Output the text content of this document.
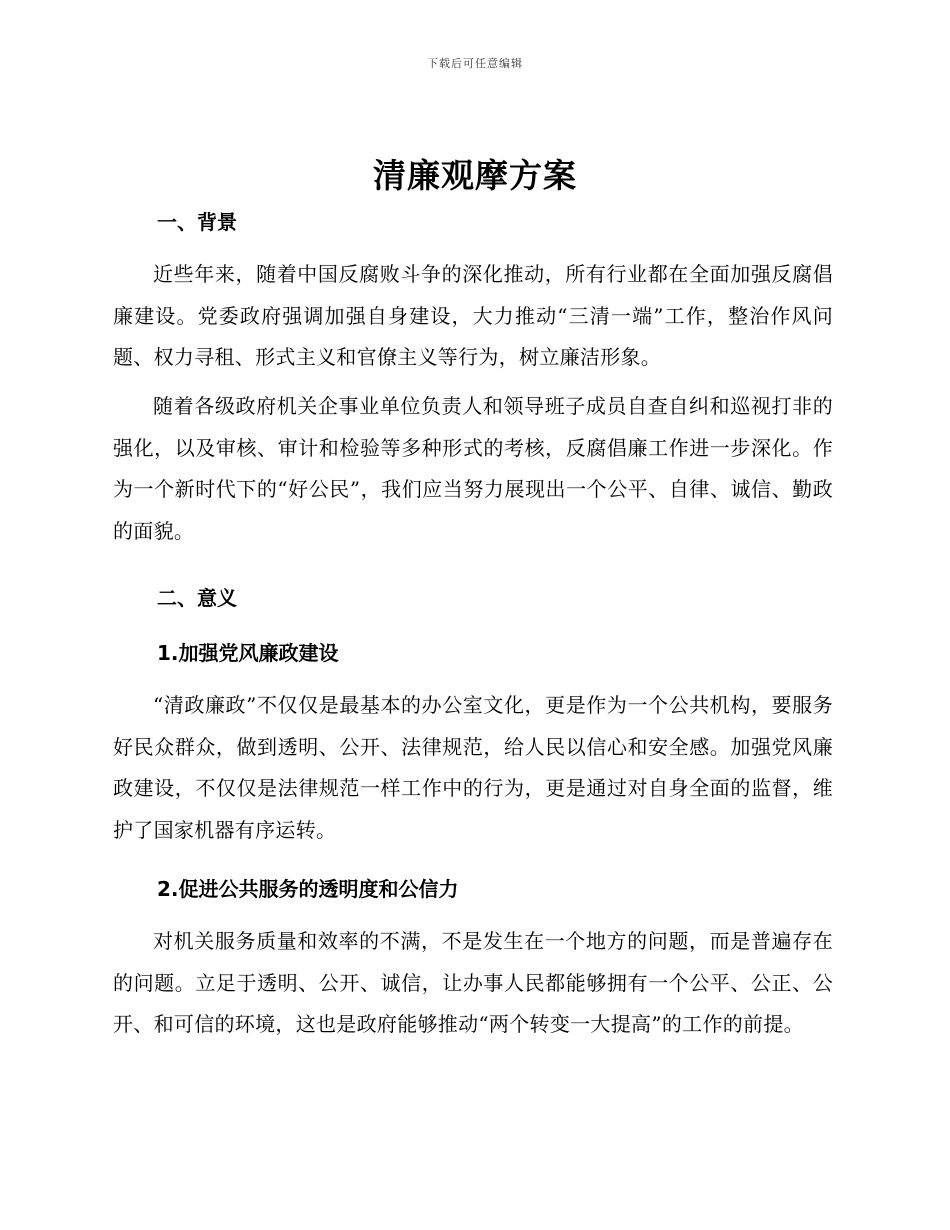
下载后可任意编辑
清廉观摩方案
一、背景

近些年来，随着中国反腐败斗争的深化推动，所有行业都在全面加强反腐倡廉建设。党委政府强调加强自身建设，大力推动“三清一端”工作，整治作风问题、权力寻租、形式主义和官僚主义等行为，树立廉洁形象。

随着各级政府机关企事业单位负责人和领导班子成员自查自纠和巡视打非的强化，以及审核、审计和检验等多种形式的考核，反腐倡廉工作进一步深化。作为一个新时代下的“好公民”，我们应当努力展现出一个公平、自律、诚信、勤政的面貌。

二、意义
1.加强党风廉政建设

“清政廉政”不仅仅是最基本的办公室文化，更是作为一个公共机构，要服务好民众群众，做到透明、公开、法律规范，给人民以信心和安全感。加强党风廉政建设，不仅仅是法律规范一样工作中的行为，更是通过对自身全面的监督，维护了国家机器有序运转。

2.促进公共服务的透明度和公信力

对机关服务质量和效率的不满，不是发生在一个地方的问题，而是普遍存在的问题。立足于透明、公开、诚信，让办事人民都能够拥有一个公平、公正、公开、和可信的环境，这也是政府能够推动“两个转变一大提高”的工作的前提。
